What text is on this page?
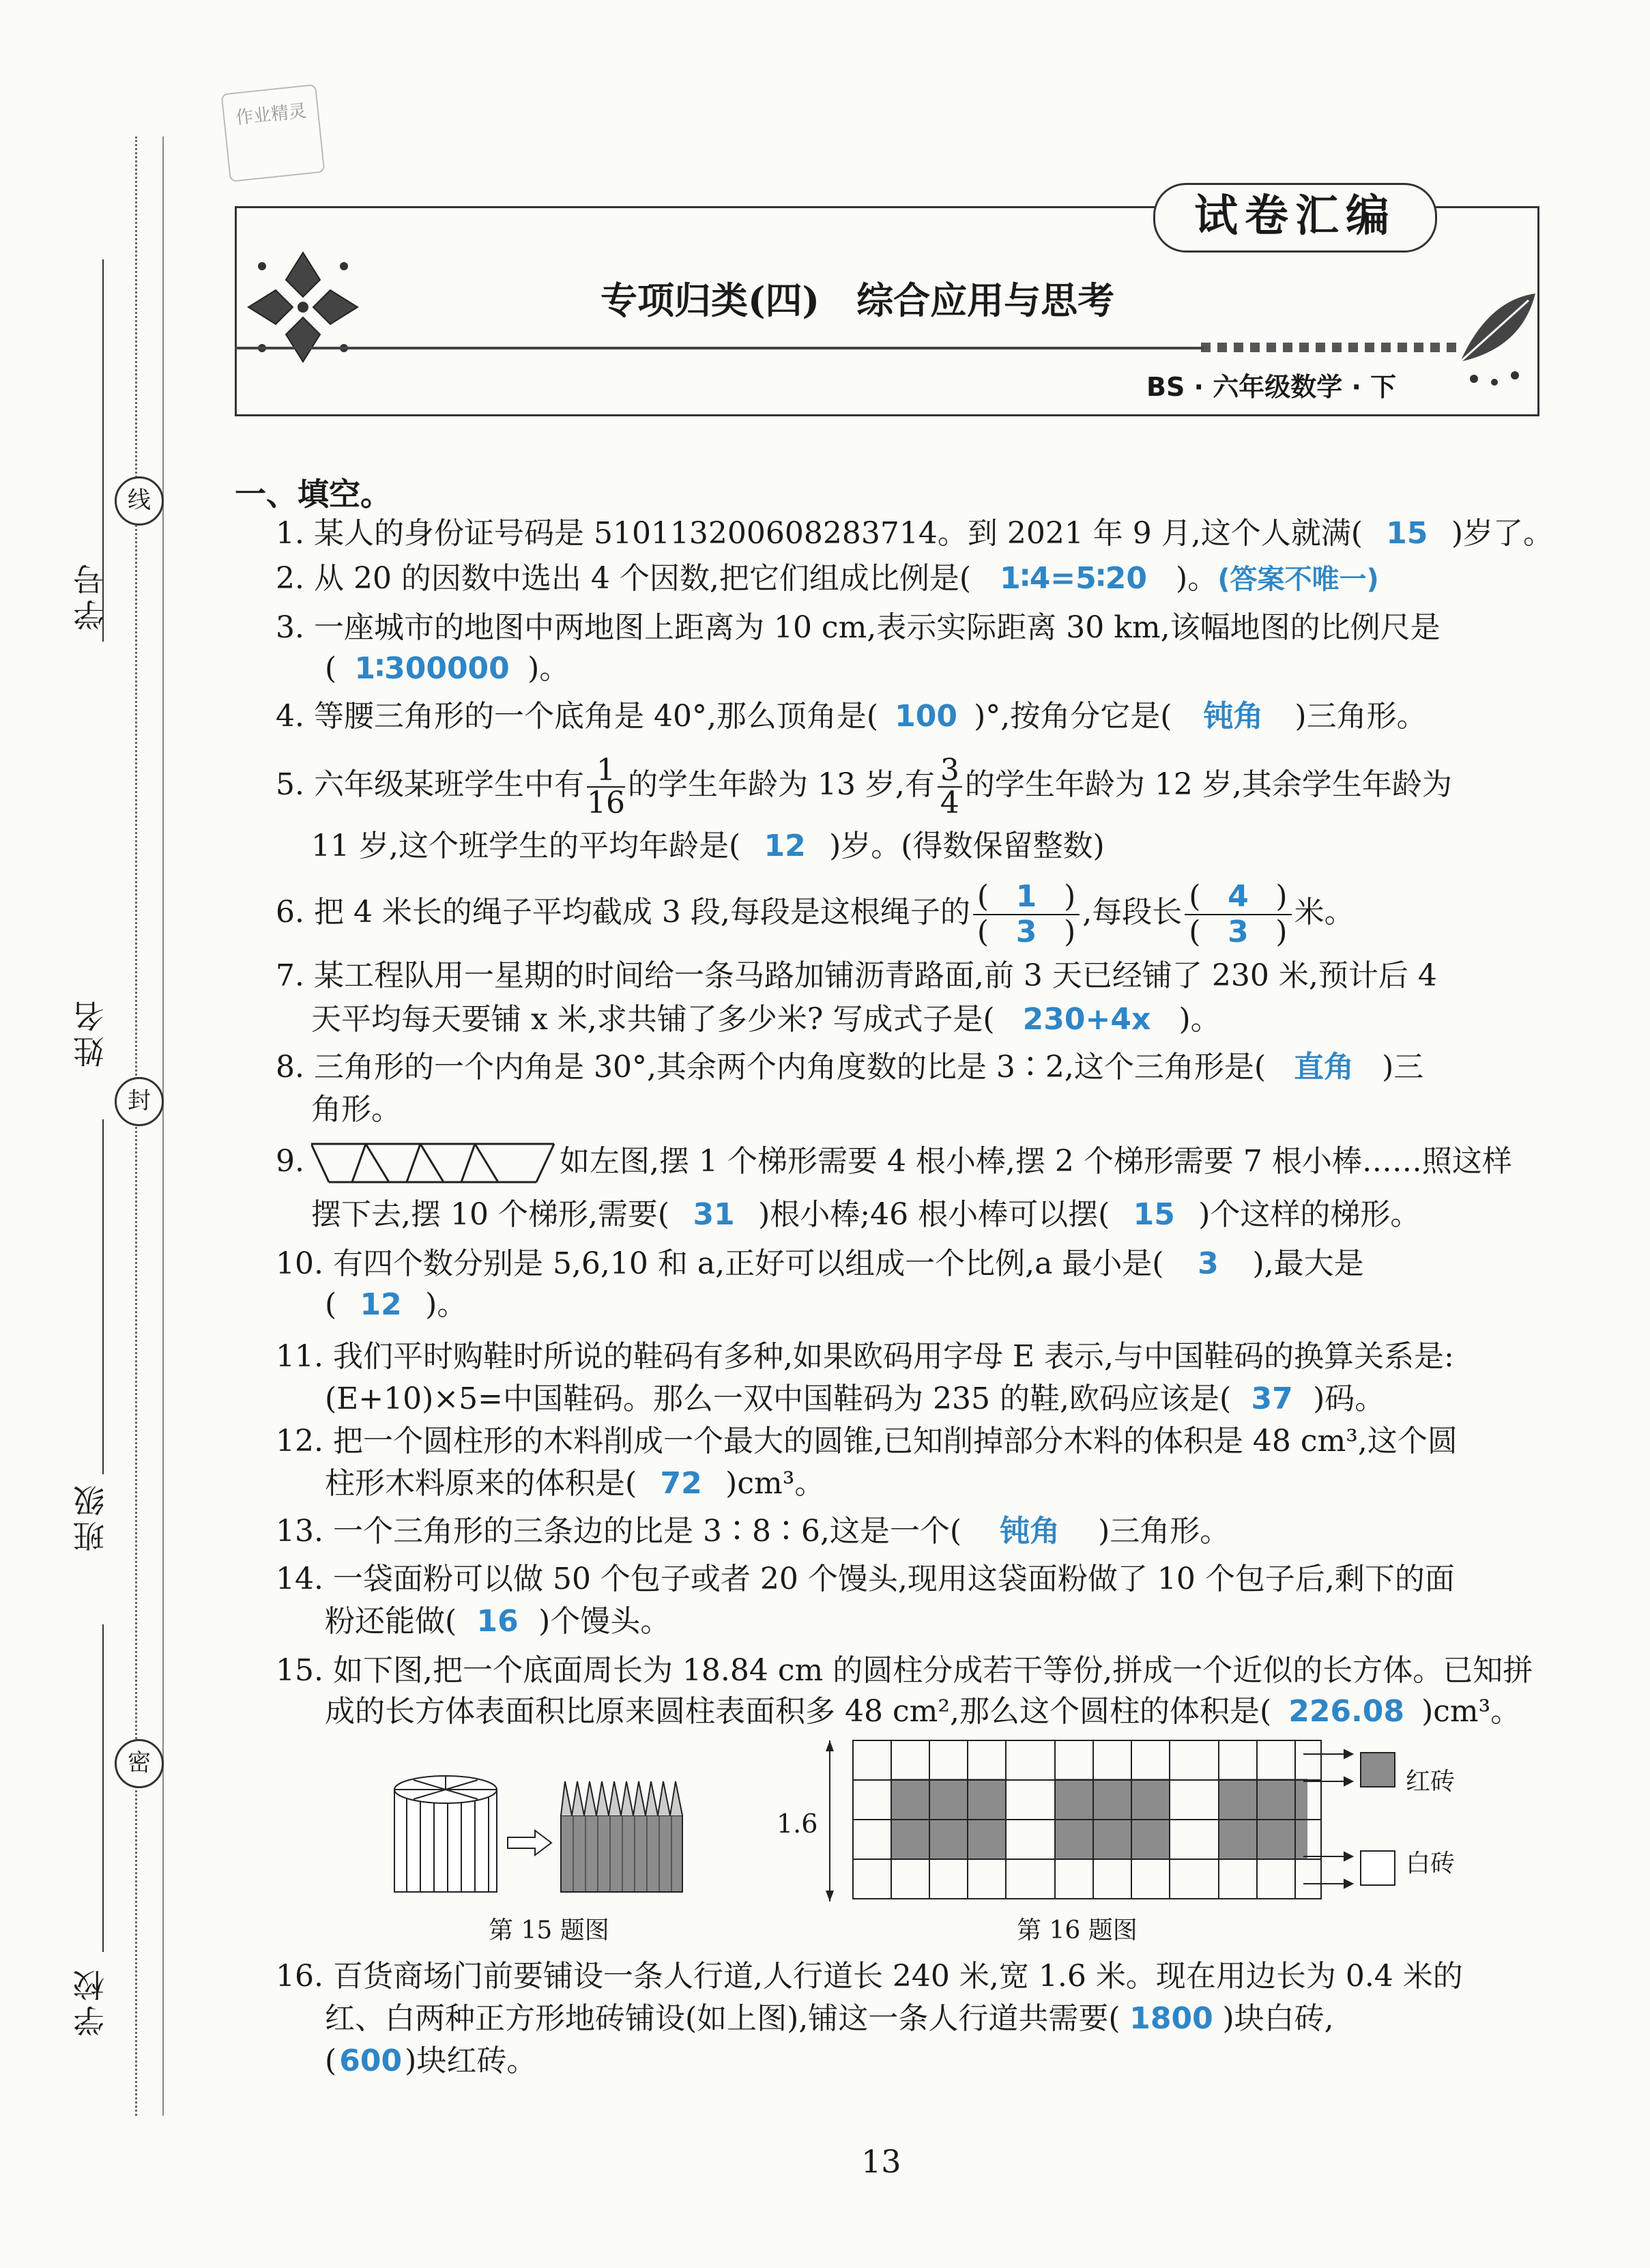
学号
姓名
班级
学校
线
封
密
作业精灵
试卷汇编
专项归类(四)　综合应用与思考
BS · 六年级数学 · 下
一、填空。
1. 某人的身份证号码是 510113200608283714。到 2021 年 9 月,这个人就满( 15 )岁了。
2. 从 20 的因数中选出 4 个因数,把它们组成比例是( 1∶4=5∶20 )。(答案不唯一)
3. 一座城市的地图中两地图上距离为 10 cm,表示实际距离 30 km,该幅地图的比例尺是
( 1∶300000 )。
4. 等腰三角形的一个底角是 40°,那么顶角是( 100 )°,按角分它是( 钝角 )三角形。
5. 六年级某班学生中有 $\frac{1}{16}$ 的学生年龄为 13 岁,有 $\frac{3}{4}$ 的学生年龄为 12 岁,其余学生年龄为
11 岁,这个班学生的平均年龄是( 12 )岁。(得数保留整数)
6. 把 4 米长的绳子平均截成 3 段,每段是这根绳子的 $\frac{( 1 )}{( 3 )}$ ,每段长 $\frac{( 4 )}{( 3 )}$ 米。
7. 某工程队用一星期的时间给一条马路加铺沥青路面,前 3 天已经铺了 230 米,预计后 4
天平均每天要铺 x 米,求共铺了多少米? 写成式子是( 230+4x )。
8. 三角形的一个内角是 30°,其余两个内角度数的比是 3∶2,这个三角形是( 直角 )三
角形。
9.	如左图,摆 1 个梯形需要 4 根小棒,摆 2 个梯形需要 7 根小棒……照这样
摆下去,摆 10 个梯形,需要( 31 )根小棒;46 根小棒可以摆( 15 )个这样的梯形。
10. 有四个数分别是 5,6,10 和 a,正好可以组成一个比例,a 最小是( 3 ),最大是
( 12 )。
11. 我们平时购鞋时所说的鞋码有多种,如果欧码用字母 E 表示,与中国鞋码的换算关系是:
(E+10)×5=中国鞋码。那么一双中国鞋码为 235 的鞋,欧码应该是( 37 )码。
12. 把一个圆柱形的木料削成一个最大的圆锥,已知削掉部分木料的体积是 48 cm³,这个圆
柱形木料原来的体积是( 72 )cm³。
13. 一个三角形的三条边的比是 3∶8∶6,这是一个( 钝角 )三角形。
14. 一袋面粉可以做 50 个包子或者 20 个馒头,现用这袋面粉做了 10 个包子后,剩下的面
粉还能做( 16 )个馒头。
15. 如下图,把一个底面周长为 18.84 cm 的圆柱分成若干等份,拼成一个近似的长方体。已知拼
成的长方体表面积比原来圆柱表面积多 48 cm²,那么这个圆柱的体积是( 226.08 )cm³。
第 15 题图
1.6
红砖
白砖
第 16 题图
16. 百货商场门前要铺设一条人行道,人行道长 240 米,宽 1.6 米。现在用边长为 0.4 米的
红、白两种正方形地砖铺设(如上图),铺这一条人行道共需要( 1800 )块白砖,
(600)块红砖。
13
